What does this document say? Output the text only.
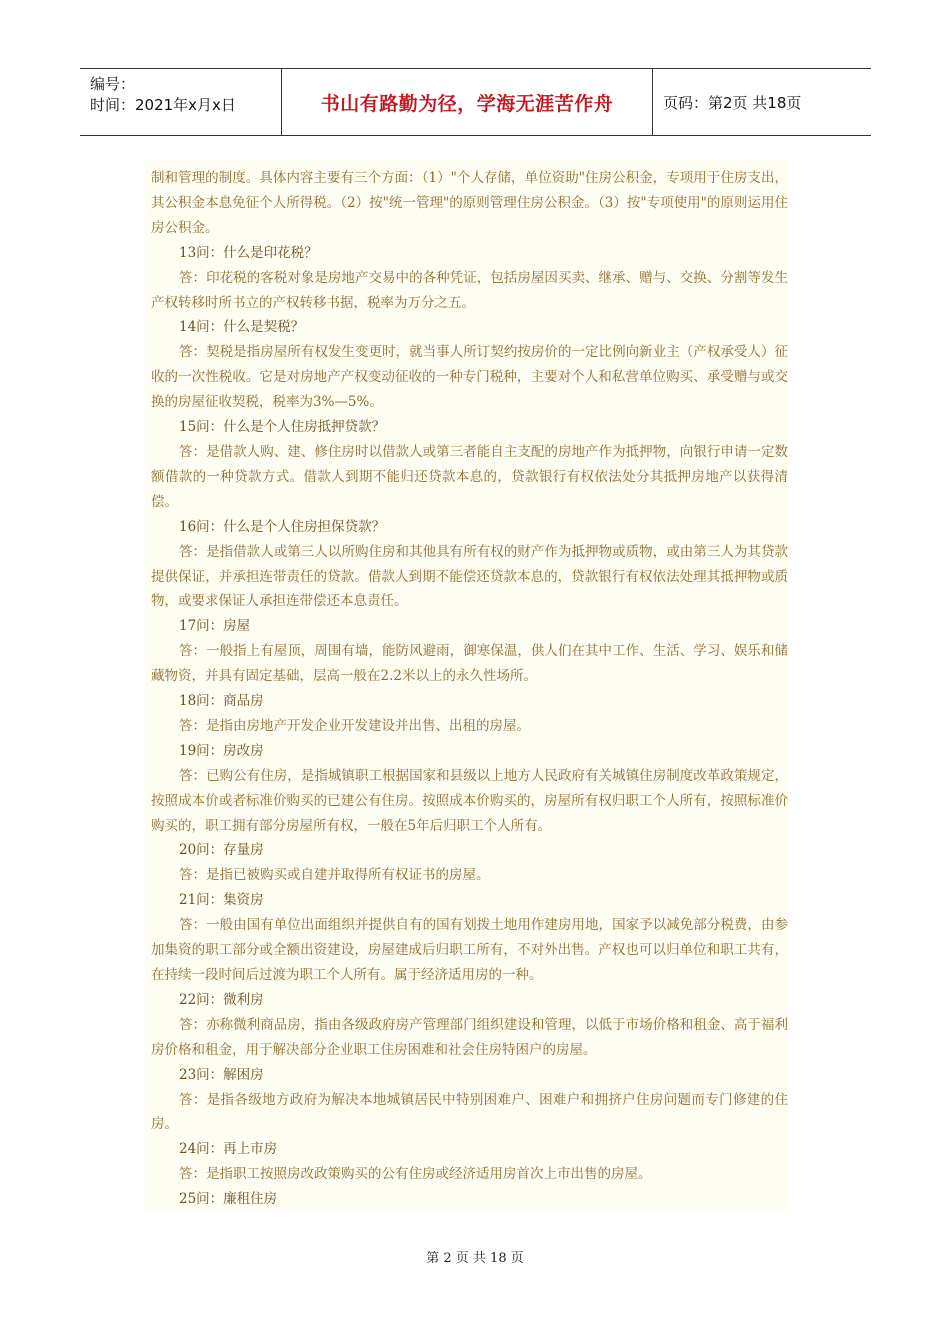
编号：
时间：2021年x月x日	书山有路勤为径，学海无涯苦作舟	页码：第2页 共18页

制和管理的制度。具体内容主要有三个方面：（1）"个人存储，单位资助"住房公积金，专项用于住房支出，其公积金本息免征个人所得税。（2）按"统一管理"的原则管理住房公积金。（3）按"专项使用"的原则运用住房公积金。

13问：什么是印花税？

答：印花税的客税对象是房地产交易中的各种凭证，包括房屋因买卖、继承、赠与、交换、分割等发生产权转移时所书立的产权转移书据，税率为万分之五。

14问：什么是契税？

答：契税是指房屋所有权发生变更时，就当事人所订契约按房价的一定比例向新业主（产权承受人）征收的一次性税收。它是对房地产产权变动征收的一种专门税种，主要对个人和私营单位购买、承受赠与或交换的房屋征收契税，税率为3%—5%。

15问：什么是个人住房抵押贷款？

答：是借款人购、建、修住房时以借款人或第三者能自主支配的房地产作为抵押物，向银行申请一定数额借款的一种贷款方式。借款人到期不能归还贷款本息的，贷款银行有权依法处分其抵押房地产以获得清偿。

16问：什么是个人住房担保贷款？

答：是指借款人或第三人以所购住房和其他具有所有权的财产作为抵押物或质物，或由第三人为其贷款提供保证，并承担连带责任的贷款。借款人到期不能偿还贷款本息的，贷款银行有权依法处理其抵押物或质物，或要求保证人承担连带偿还本息责任。

17问：房屋

答：一般指上有屋顶，周围有墙，能防风避雨，御寒保温，供人们在其中工作、生活、学习、娱乐和储藏物资，并具有固定基础，层高一般在2.2米以上的永久性场所。

18问：商品房

答：是指由房地产开发企业开发建设并出售、出租的房屋。

19问：房改房

答：已购公有住房，是指城镇职工根据国家和县级以上地方人民政府有关城镇住房制度改革政策规定，按照成本价或者标准价购买的已建公有住房。按照成本价购买的，房屋所有权归职工个人所有，按照标准价购买的，职工拥有部分房屋所有权，一般在5年后归职工个人所有。

20问：存量房

答：是指已被购买或自建并取得所有权证书的房屋。

21问：集资房

答：一般由国有单位出面组织并提供自有的国有划拨土地用作建房用地，国家予以减免部分税费，由参加集资的职工部分或全额出资建设，房屋建成后归职工所有，不对外出售。产权也可以归单位和职工共有，在持续一段时间后过渡为职工个人所有。属于经济适用房的一种。

22问：微利房

答：亦称微利商品房，指由各级政府房产管理部门组织建设和管理，以低于市场价格和租金、高于福利房价格和租金，用于解决部分企业职工住房困难和社会住房特困户的房屋。

23问：解困房

答：是指各级地方政府为解决本地城镇居民中特别困难户、困难户和拥挤户住房问题而专门修建的住房。

24问：再上市房

答：是指职工按照房改政策购买的公有住房或经济适用房首次上市出售的房屋。

25问：廉租住房

第 2 页 共 18 页
